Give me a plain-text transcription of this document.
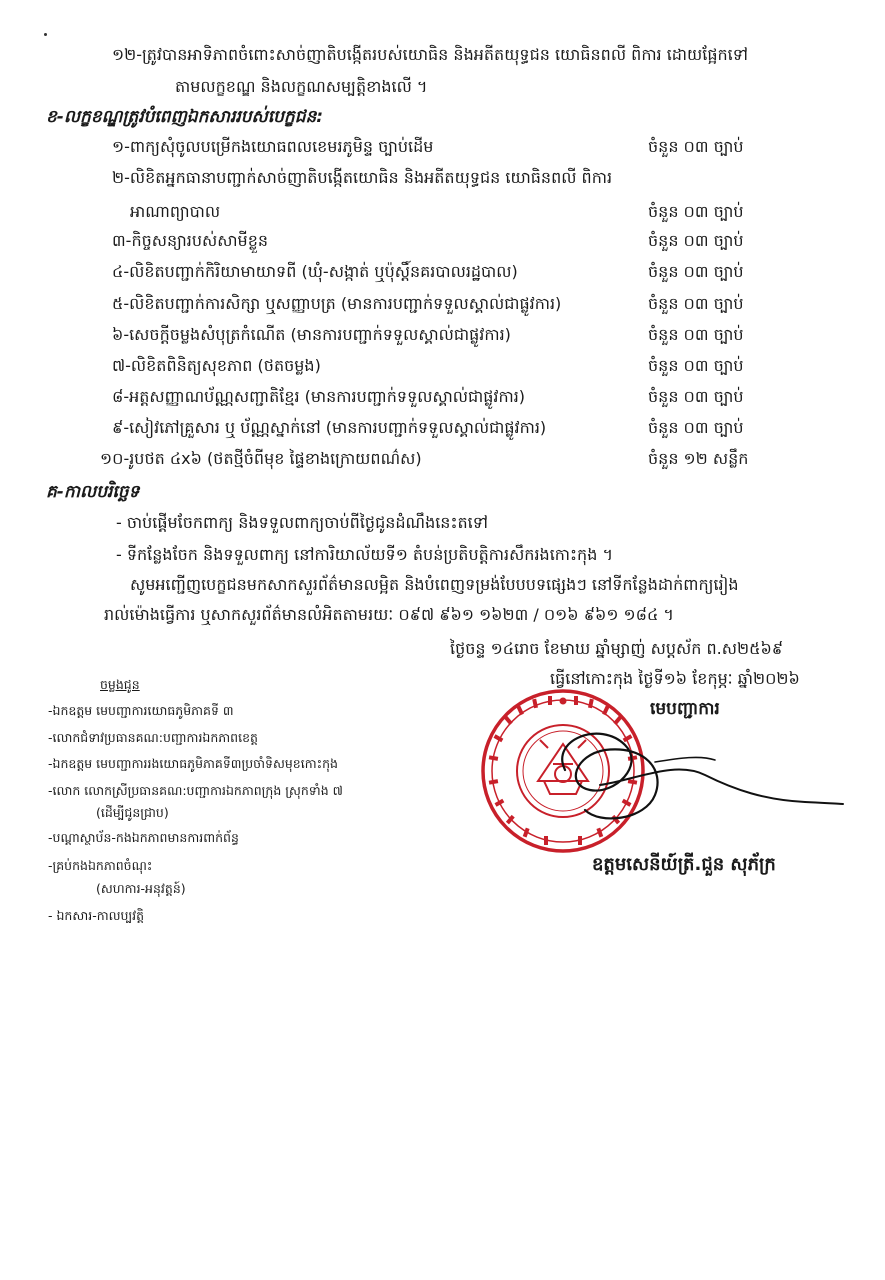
១២-ត្រូវបានអាទិភាពចំពោះសាច់ញាតិបង្កើតរបស់យោធិន និងអតីតយុទ្ធជន យោធិនពលី ពិការ ដោយផ្អែកទៅ
តាមលក្ខខណ្ឌ និងលក្ខណសម្បត្តិខាងលើ ។
ខ-លក្ខខណ្ឌត្រូវបំពេញឯកសាររបស់បេក្ខជន:
១-ពាក្យសុំចូលបម្រើកងយោធពលខេមរភូមិន្ទ ច្បាប់ដើម	ចំនួន ០៣ ច្បាប់
២-លិខិតអ្នកធានាបញ្ជាក់សាច់ញាតិបង្កើតយោធិន និងអតីតយុទ្ធជន យោធិនពលី ពិការ
អាណាព្យាបាល	ចំនួន ០៣ ច្បាប់
៣-កិច្ចសន្យារបស់សាមីខ្លួន	ចំនួន ០៣ ច្បាប់
៤-លិខិតបញ្ជាក់កិរិយាមាយាទពី (ឃុំ-សង្កាត់ ឬប៉ុស្តិ៍នគរបាលរដ្ឋបាល)	ចំនួន ០៣ ច្បាប់
៥-លិខិតបញ្ជាក់ការសិក្សា ឬសញ្ញាបត្រ (មានការបញ្ជាក់ទទួលស្គាល់ជាផ្លូវការ)	ចំនួន ០៣ ច្បាប់
៦-សេចក្តីចម្លងសំបុត្រកំណើត (មានការបញ្ជាក់ទទួលស្គាល់ជាផ្លូវការ)	ចំនួន ០៣ ច្បាប់
៧-លិខិតពិនិត្យសុខភាព (ថតចម្លង)	ចំនួន ០៣ ច្បាប់
៨-អត្តសញ្ញាណប័ណ្ណសញ្ជាតិខ្មែរ (មានការបញ្ជាក់ទទួលស្គាល់ជាផ្លូវការ)	ចំនួន ០៣ ច្បាប់
៩-សៀវភៅគ្រួសារ ឬ ប័ណ្ណស្នាក់នៅ (មានការបញ្ជាក់ទទួលស្គាល់ជាផ្លូវការ)	ចំនួន ០៣ ច្បាប់
១០-រូបថត ៤x៦ (ថតថ្មីចំពីមុខ ផ្ទៃខាងក្រោយពណ៌ស)	ចំនួន ១២ សន្លឹក
គ-កាលបរិច្ឆេទ
- ចាប់ផ្តើមចែកពាក្យ និងទទួលពាក្យចាប់ពីថ្ងៃជូនដំណឹងនេះតទៅ
- ទីកន្លែងចែក និងទទួលពាក្យ នៅការិយាល័យទី១ តំបន់ប្រតិបត្តិការសឹករងកោះកុង ។
សូមអញ្ជើញបេក្ខជនមកសាកសួរព័ត៌មានលម្អិត និងបំពេញទម្រង់បែបបទផ្សេងៗ នៅទីកន្លែងដាក់ពាក្យរៀង
រាល់ម៉ោងធ្វើការ ឬសាកសួរព័ត៌មានលំអិតតាមរយៈ ០៩៧ ៩៦១ ១៦២៣ / ០១៦ ៩៦១ ១៨៤ ។
ថ្ងៃចន្ទ ១៤រោច ខែមាឃ ឆ្នាំម្សាញ់ សប្តស័ក ព.ស២៥៦៩
ធ្វើនៅកោះកុង ថ្ងៃទី១៦ ខែកុម្ភៈ ឆ្នាំ២០២៦
មេបញ្ជាការ
ចម្លងជូន
-ឯកឧត្តម មេបញ្ជាការយោធភូមិភាគទី ៣
-លោកជំទាវប្រធានគណ:បញ្ជាការឯកភាពខេត្ត
-ឯកឧត្តម មេបញ្ជាការរងយោធភូមិភាគទី៣ប្រចាំទិសមុខកោះកុង
-លោក លោកស្រីប្រធានគណ:បញ្ជាការឯកភាពក្រុង ស្រុកទាំង ៧
(ដើម្បីជូនជ្រាប)
-បណ្តាស្ថាប័ន-កងឯកភាពមានការពាក់ព័ន្ធ
-គ្រប់កងឯកភាពចំណុះ
(សហការ-អនុវត្តន៍)
- ឯកសារ-កាលប្បវត្តិ
ឧត្តមសេនីយ៍ត្រី.ជួន សុភ័ក្រ
